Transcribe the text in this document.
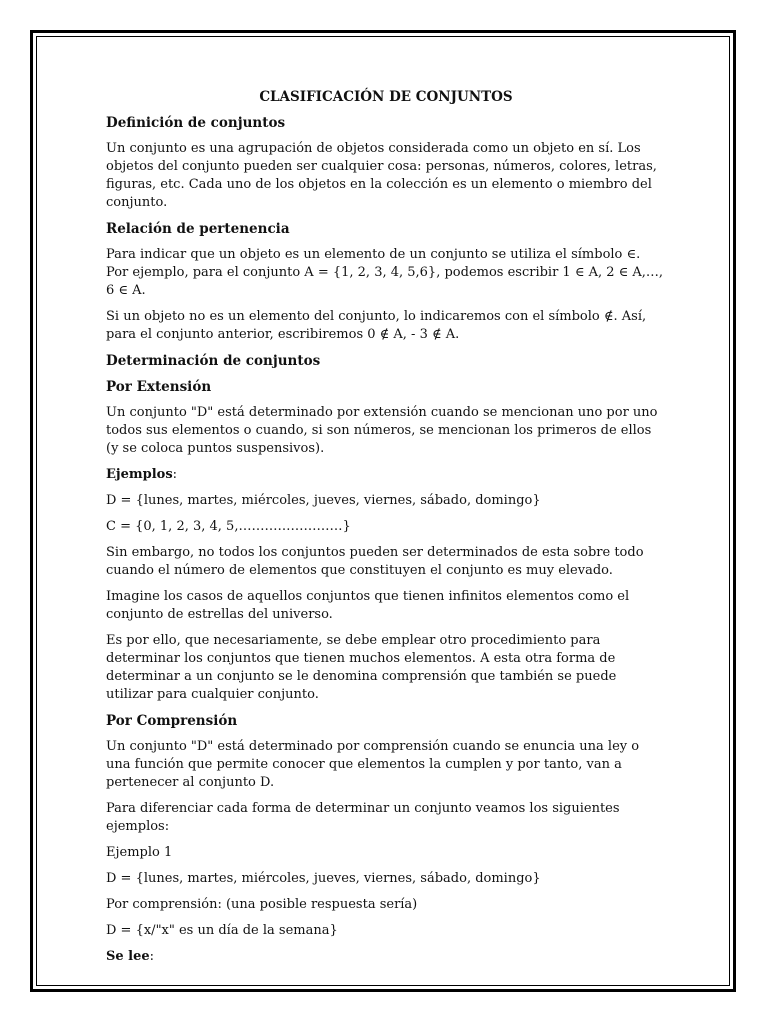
CLASIFICACIÓN DE CONJUNTOS

Definición de conjuntos

Un conjunto es una agrupación de objetos considerada como un objeto en sí. Los objetos del conjunto pueden ser cualquier cosa: personas, números, colores, letras, figuras, etc. Cada uno de los objetos en la colección es un elemento o miembro del conjunto.

Relación de pertenencia

Para indicar que un objeto es un elemento de un conjunto se utiliza el símbolo ∈. Por ejemplo, para el conjunto A = {1, 2, 3, 4, 5,6}, podemos escribir 1 ∈ A, 2 ∈ A,…, 6 ∈ A.

Si un objeto no es un elemento del conjunto, lo indicaremos con el símbolo ∉. Así, para el conjunto anterior, escribiremos 0 ∉ A, - 3 ∉ A.

Determinación de conjuntos
Por Extensión

Un conjunto "D" está determinado por extensión cuando se mencionan uno por uno todos sus elementos o cuando, si son números, se mencionan los primeros de ellos (y se coloca puntos suspensivos).

Ejemplos:

D = {lunes, martes, miércoles, jueves, viernes, sábado, domingo}

C = {0, 1, 2, 3, 4, 5,……………………}

Sin embargo, no todos los conjuntos pueden ser determinados de esta sobre todo cuando el número de elementos que constituyen el conjunto es muy elevado.

Imagine los casos de aquellos conjuntos que tienen infinitos elementos como el conjunto de estrellas del universo.

Es por ello, que necesariamente, se debe emplear otro procedimiento para determinar los conjuntos que tienen muchos elementos. A esta otra forma de determinar a un conjunto se le denomina comprensión que también se puede utilizar para cualquier conjunto.

Por Comprensión

Un conjunto "D" está determinado por comprensión cuando se enuncia una ley o una función que permite conocer que elementos la cumplen y por tanto, van a pertenecer al conjunto D.

Para diferenciar cada forma de determinar un conjunto veamos los siguientes ejemplos:

Ejemplo 1

D = {lunes, martes, miércoles, jueves, viernes, sábado, domingo}

Por comprensión: (una posible respuesta sería)

D = {x/"x" es un día de la semana}

Se lee:
